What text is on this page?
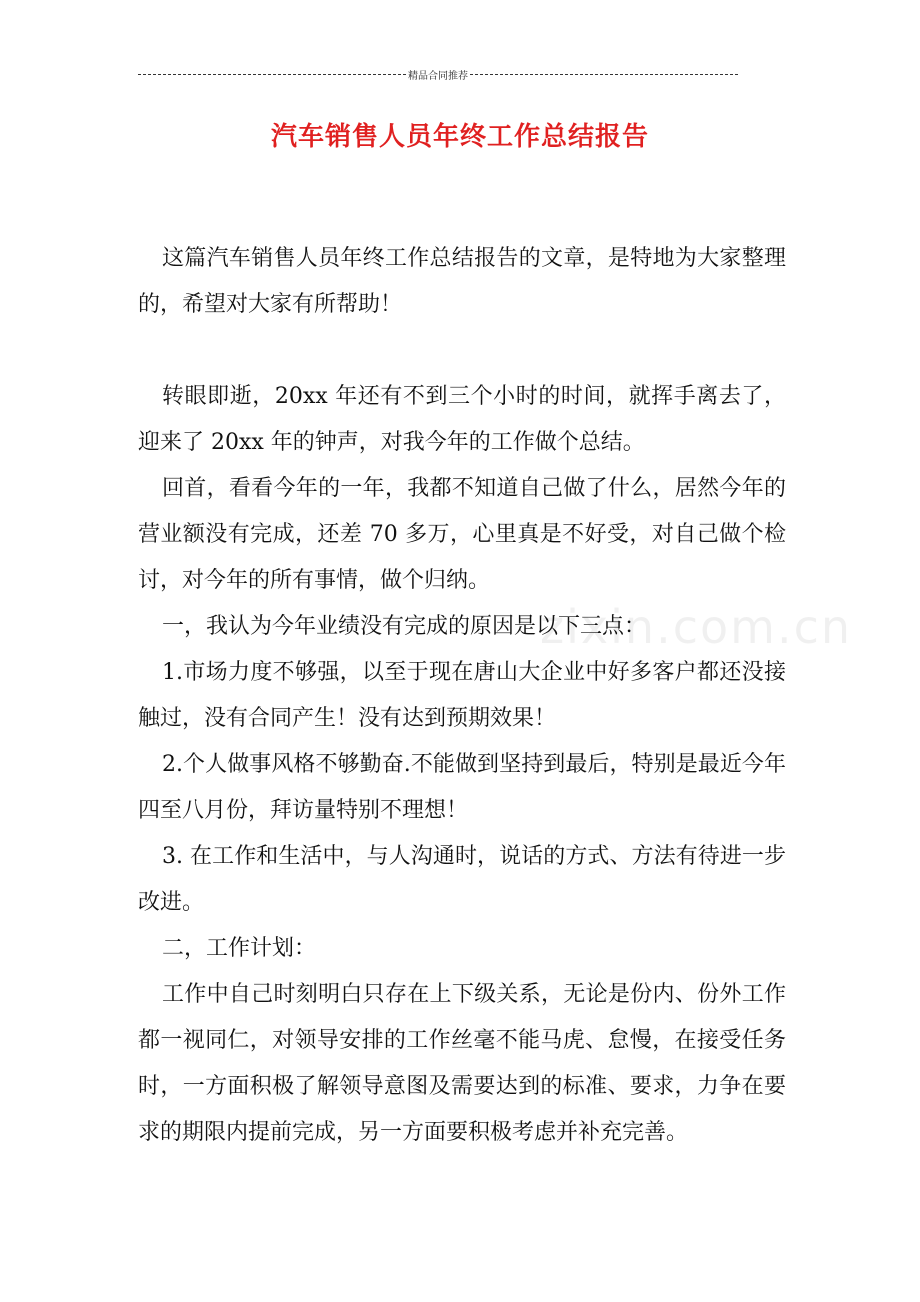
精品合同推荐
汽车销售人员年终工作总结报告

这篇汽车销售人员年终工作总结报告的文章，是特地为大家整理的，希望对大家有所帮助！

转眼即逝，20xx 年还有不到三个小时的时间，就挥手离去了，迎来了 20xx 年的钟声，对我今年的工作做个总结。

回首，看看今年的一年，我都不知道自己做了什么，居然今年的营业额没有完成，还差 70 多万，心里真是不好受，对自己做个检讨，对今年的所有事情，做个归纳。

一，我认为今年业绩没有完成的原因是以下三点：

1.市场力度不够强，以至于现在唐山大企业中好多客户都还没接触过，没有合同产生！没有达到预期效果！

2.个人做事风格不够勤奋.不能做到坚持到最后，特别是最近今年四至八月份，拜访量特别不理想！

3. 在工作和生活中，与人沟通时，说话的方式、方法有待进一步改进。

二，工作计划：

工作中自己时刻明白只存在上下级关系，无论是份内、份外工作都一视同仁，对领导安排的工作丝毫不能马虎、怠慢，在接受任务时，一方面积极了解领导意图及需要达到的标准、要求，力争在要求的期限内提前完成，另一方面要积极考虑并补充完善。

zixin.com.cn
